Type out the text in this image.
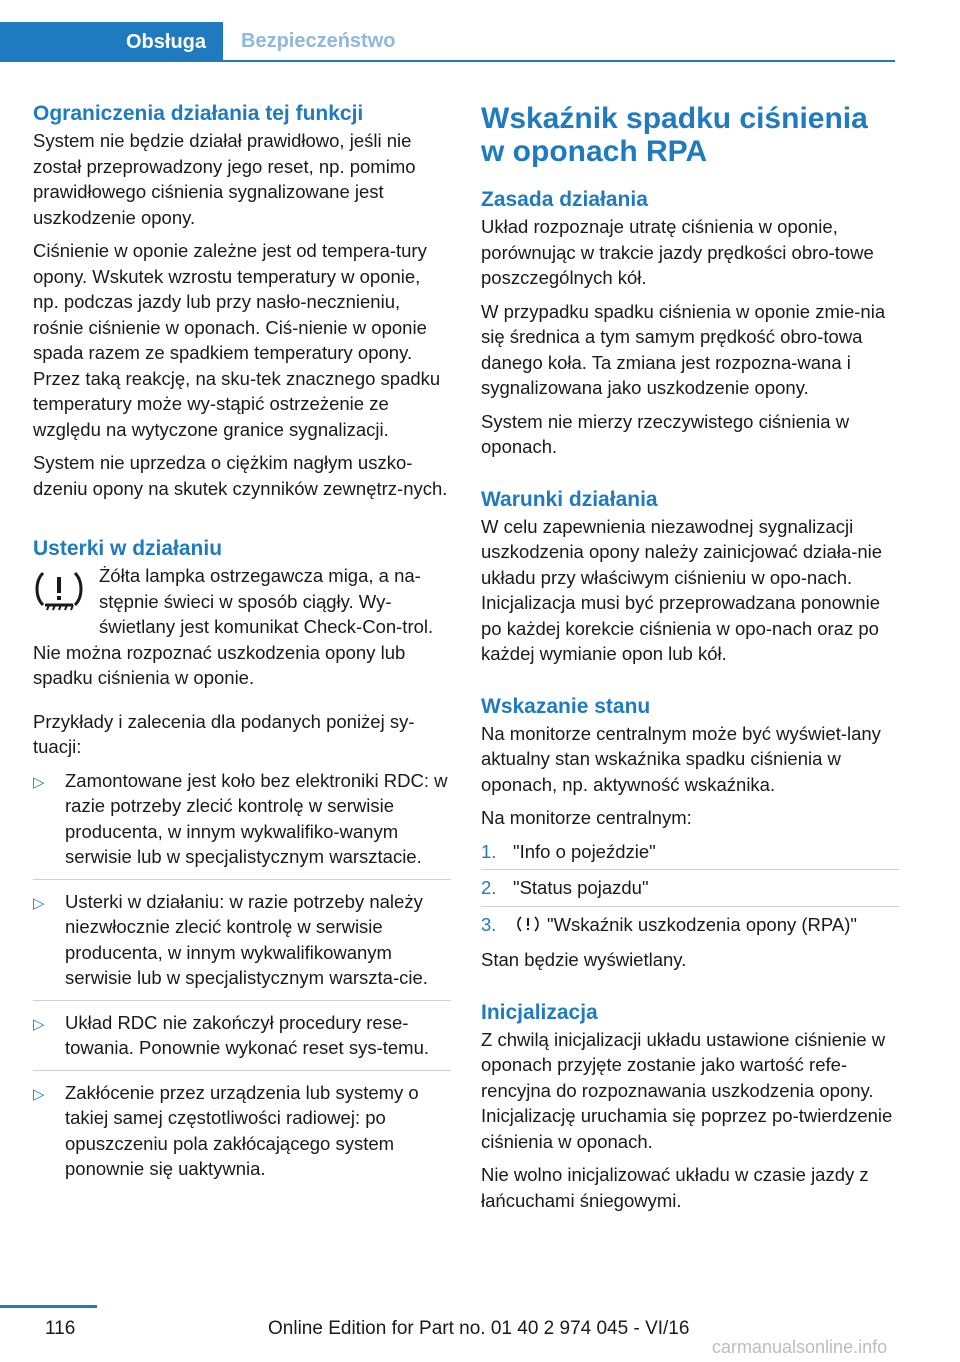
Obsługa	Bezpieczeństwo
Ograniczenia działania tej funkcji

System nie będzie działał prawidłowo, jeśli nie został przeprowadzony jego reset, np. pomimo prawidłowego ciśnienia sygnalizowane jest uszkodzenie opony.

Ciśnienie w oponie zależne jest od tempera‐tury opony. Wskutek wzrostu temperatury w oponie, np. podczas jazdy lub przy nasło‐necznieniu, rośnie ciśnienie w oponach. Ciś‐nienie w oponie spada razem ze spadkiem temperatury opony. Przez taką reakcję, na sku‐tek znacznego spadku temperatury może wy‐stąpić ostrzeżenie ze względu na wytyczone granice sygnalizacji.

System nie uprzedza o ciężkim nagłym uszko‐dzeniu opony na skutek czynników zewnętrz‐nych.

Usterki w działaniu

Żółta lampka ostrzegawcza miga, a na‐stępnie świeci w sposób ciągły. Wy‐świetlany jest komunikat Check-Con‐trol. Nie można rozpoznać uszkodzenia opony lub spadku ciśnienia w oponie.

Przykłady i zalecenia dla podanych poniżej sy‐tuacji:

▷ Zamontowane jest koło bez elektroniki RDC: w razie potrzeby zlecić kontrolę w serwisie producenta, w innym wykwalifiko‐wanym serwisie lub w specjalistycznym warsztacie.
▷ Usterki w działaniu: w razie potrzeby należy niezwłocznie zlecić kontrolę w serwisie producenta, w innym wykwalifikowanym serwisie lub w specjalistycznym warszta‐cie.
▷ Układ RDC nie zakończył procedury rese‐towania. Ponownie wykonać reset sys‐temu.
▷ Zakłócenie przez urządzenia lub systemy o takiej samej częstotliwości radiowej: po opuszczeniu pola zakłócającego system ponownie się uaktywnia.
Wskaźnik spadku ciśnienia w oponach RPA
Zasada działania

Układ rozpoznaje utratę ciśnienia w oponie, porównując w trakcie jazdy prędkości obro‐towe poszczególnych kół.

W przypadku spadku ciśnienia w oponie zmie‐nia się średnica a tym samym prędkość obro‐towa danego koła. Ta zmiana jest rozpozna‐wana i sygnalizowana jako uszkodzenie opony.

System nie mierzy rzeczywistego ciśnienia w oponach.

Warunki działania

W celu zapewnienia niezawodnej sygnalizacji uszkodzenia opony należy zainicjować działa‐nie układu przy właściwym ciśnieniu w opo‐nach. Inicjalizacja musi być przeprowadzana ponownie po każdej korekcie ciśnienia w opo‐nach oraz po każdej wymianie opon lub kół.

Wskazanie stanu

Na monitorze centralnym może być wyświet‐lany aktualny stan wskaźnika spadku ciśnienia w oponach, np. aktywność wskaźnika.

Na monitorze centralnym:

1. "Info o pojeździe"
2. "Status pojazdu"
3.	"Wskaźnik uszkodzenia opony (RPA)"

Stan będzie wyświetlany.

Inicjalizacja

Z chwilą inicjalizacji układu ustawione ciśnienie w oponach przyjęte zostanie jako wartość refe‐rencyjna do rozpoznawania uszkodzenia opony. Inicjalizację uruchamia się poprzez po‐twierdzenie ciśnienia w oponach.

Nie wolno inicjalizować układu w czasie jazdy z łańcuchami śniegowymi.

116	Online Edition for Part no. 01 40 2 974 045 - VI/16
carmanualsonline.info
